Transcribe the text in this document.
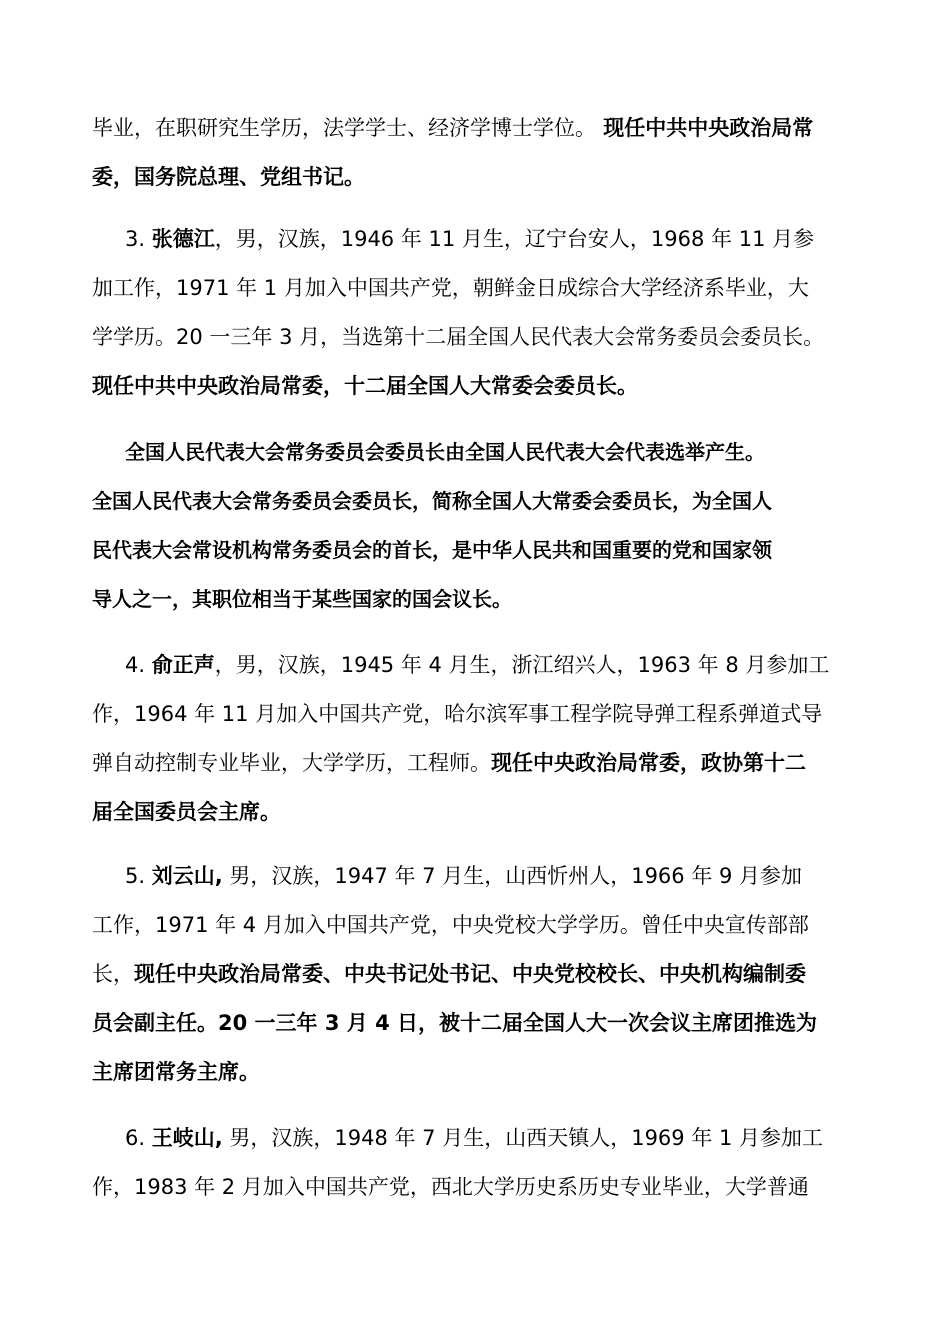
毕业，在职研究生学历，法学学士、经济学博士学位。 现任中共中央政治局常
委，国务院总理、党组书记。
3. 张德江，男，汉族，1946 年 11 月生，辽宁台安人，1968 年 11 月参
加工作，1971 年 1 月加入中国共产党，朝鲜金日成综合大学经济系毕业，大
学学历。20 一三年 3 月，当选第十二届全国人民代表大会常务委员会委员长。
现任中共中央政治局常委，十二届全国人大常委会委员长。
全国人民代表大会常务委员会委员长由全国人民代表大会代表选举产生。
全国人民代表大会常务委员会委员长，简称全国人大常委会委员长，为全国人
民代表大会常设机构常务委员会的首长，是中华人民共和国重要的党和国家领
导人之一，其职位相当于某些国家的国会议长。
4. 俞正声，男，汉族，1945 年 4 月生，浙江绍兴人，1963 年 8 月参加工
作，1964 年 11 月加入中国共产党，哈尔滨军事工程学院导弹工程系弹道式导
弹自动控制专业毕业，大学学历，工程师。现任中央政治局常委，政协第十二
届全国委员会主席。
5. 刘云山, 男，汉族，1947 年 7 月生，山西忻州人，1966 年 9 月参加
工作，1971 年 4 月加入中国共产党，中央党校大学学历。曾任中央宣传部部
长，现任中央政治局常委、中央书记处书记、中央党校校长、中央机构编制委
员会副主任。20 一三年 3 月 4 日，被十二届全国人大一次会议主席团推选为
主席团常务主席。
6. 王岐山, 男，汉族，1948 年 7 月生，山西天镇人，1969 年 1 月参加工
作，1983 年 2 月加入中国共产党，西北大学历史系历史专业毕业，大学普通
